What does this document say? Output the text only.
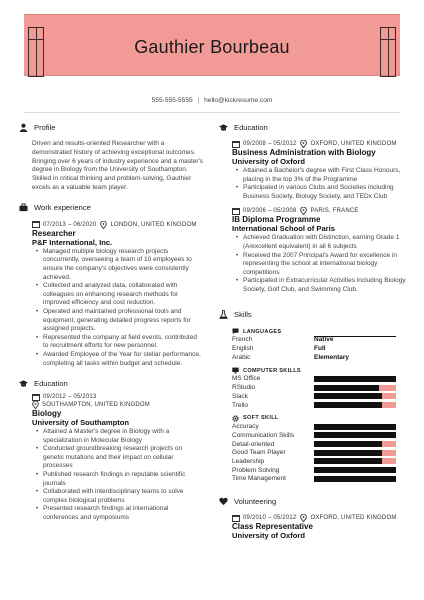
Gauthier Bourbeau
555-555-5555 | hello@kickresume.com
Profile
Driven and results-oriented Researcher with a demonstrated history of achieving exceptional outcomes. Bringing over 6 years of industry experience and a master's degree in Biology from the University of Southampton. Skilled in critical thinking and problem-solving, Gauthier excels as a valuable team player.
Work experience
07/2013 – 06/2020 LONDON, UNITED KINGDOM
Researcher
P&F International, Inc.
• Managed multiple biology research projects concurrently, overseeing a team of 10 employees to ensure the company's objectives were consistently achieved.
• Collected and analyzed data, collaborated with colleagues on enhancing research methods for improved efficiency and cost reduction.
• Operated and maintained professional tools and equipment, generating detailed progress reports for assigned projects.
• Represented the company at field events, contributed to recruitment efforts for new personnel.
• Awarded Employee of the Year for stellar performance, completing all tasks within budget and schedule.
Education
09/2012 – 05/2013
SOUTHAMPTON, UNITED KINGDOM
Biology
University of Southampton
• Attained a Master's degree in Biology with a specialization in Molecular Biology
• Conducted groundbreaking research projects on genetic mutations and their impact on cellular processes
• Published research findings in reputable scientific journals
• Collaborated with interdisciplinary teams to solve complex biological problems
• Presented research findings at international conferences and symposiums
Education
09/2008 – 05/2012 OXFORD, UNITED KINGDOM
Business Administration with Biology
University of Oxford
• Attained a Bachelor's degree with First Class Honours, placing in the top 3% of the Programme
• Participated in various Clubs and Societies including Business Society, Biology Society, and TEDx Club
09/2006 – 05/2008 PARIS, FRANCE
IB Diploma Programme
International School of Paris
• Achieved Graduation with Distinction, earning Grade 1 (A/excellent equivalent) in all 6 subjects
• Received the 2007 Principal's Award for excellence in representing the school at international biology competitions
• Participated in Extracurricular Activities including Biology Society, Golf Club, and Swimming Club.
Skills
LANGUAGES
French	Native
English	Full
Arabic	Elementary
COMPUTER SKILLS
MS Office
RStudio
Slack
Trello
SOFT SKILL
Accuracy
Communication Skills
Detail-oriented
Good Team Player
Leadership
Problem Solving
Time Management
Volunteering
09/2010 – 05/2012 OXFORD, UNITED KINGDOM
Class Representative
University of Oxford
